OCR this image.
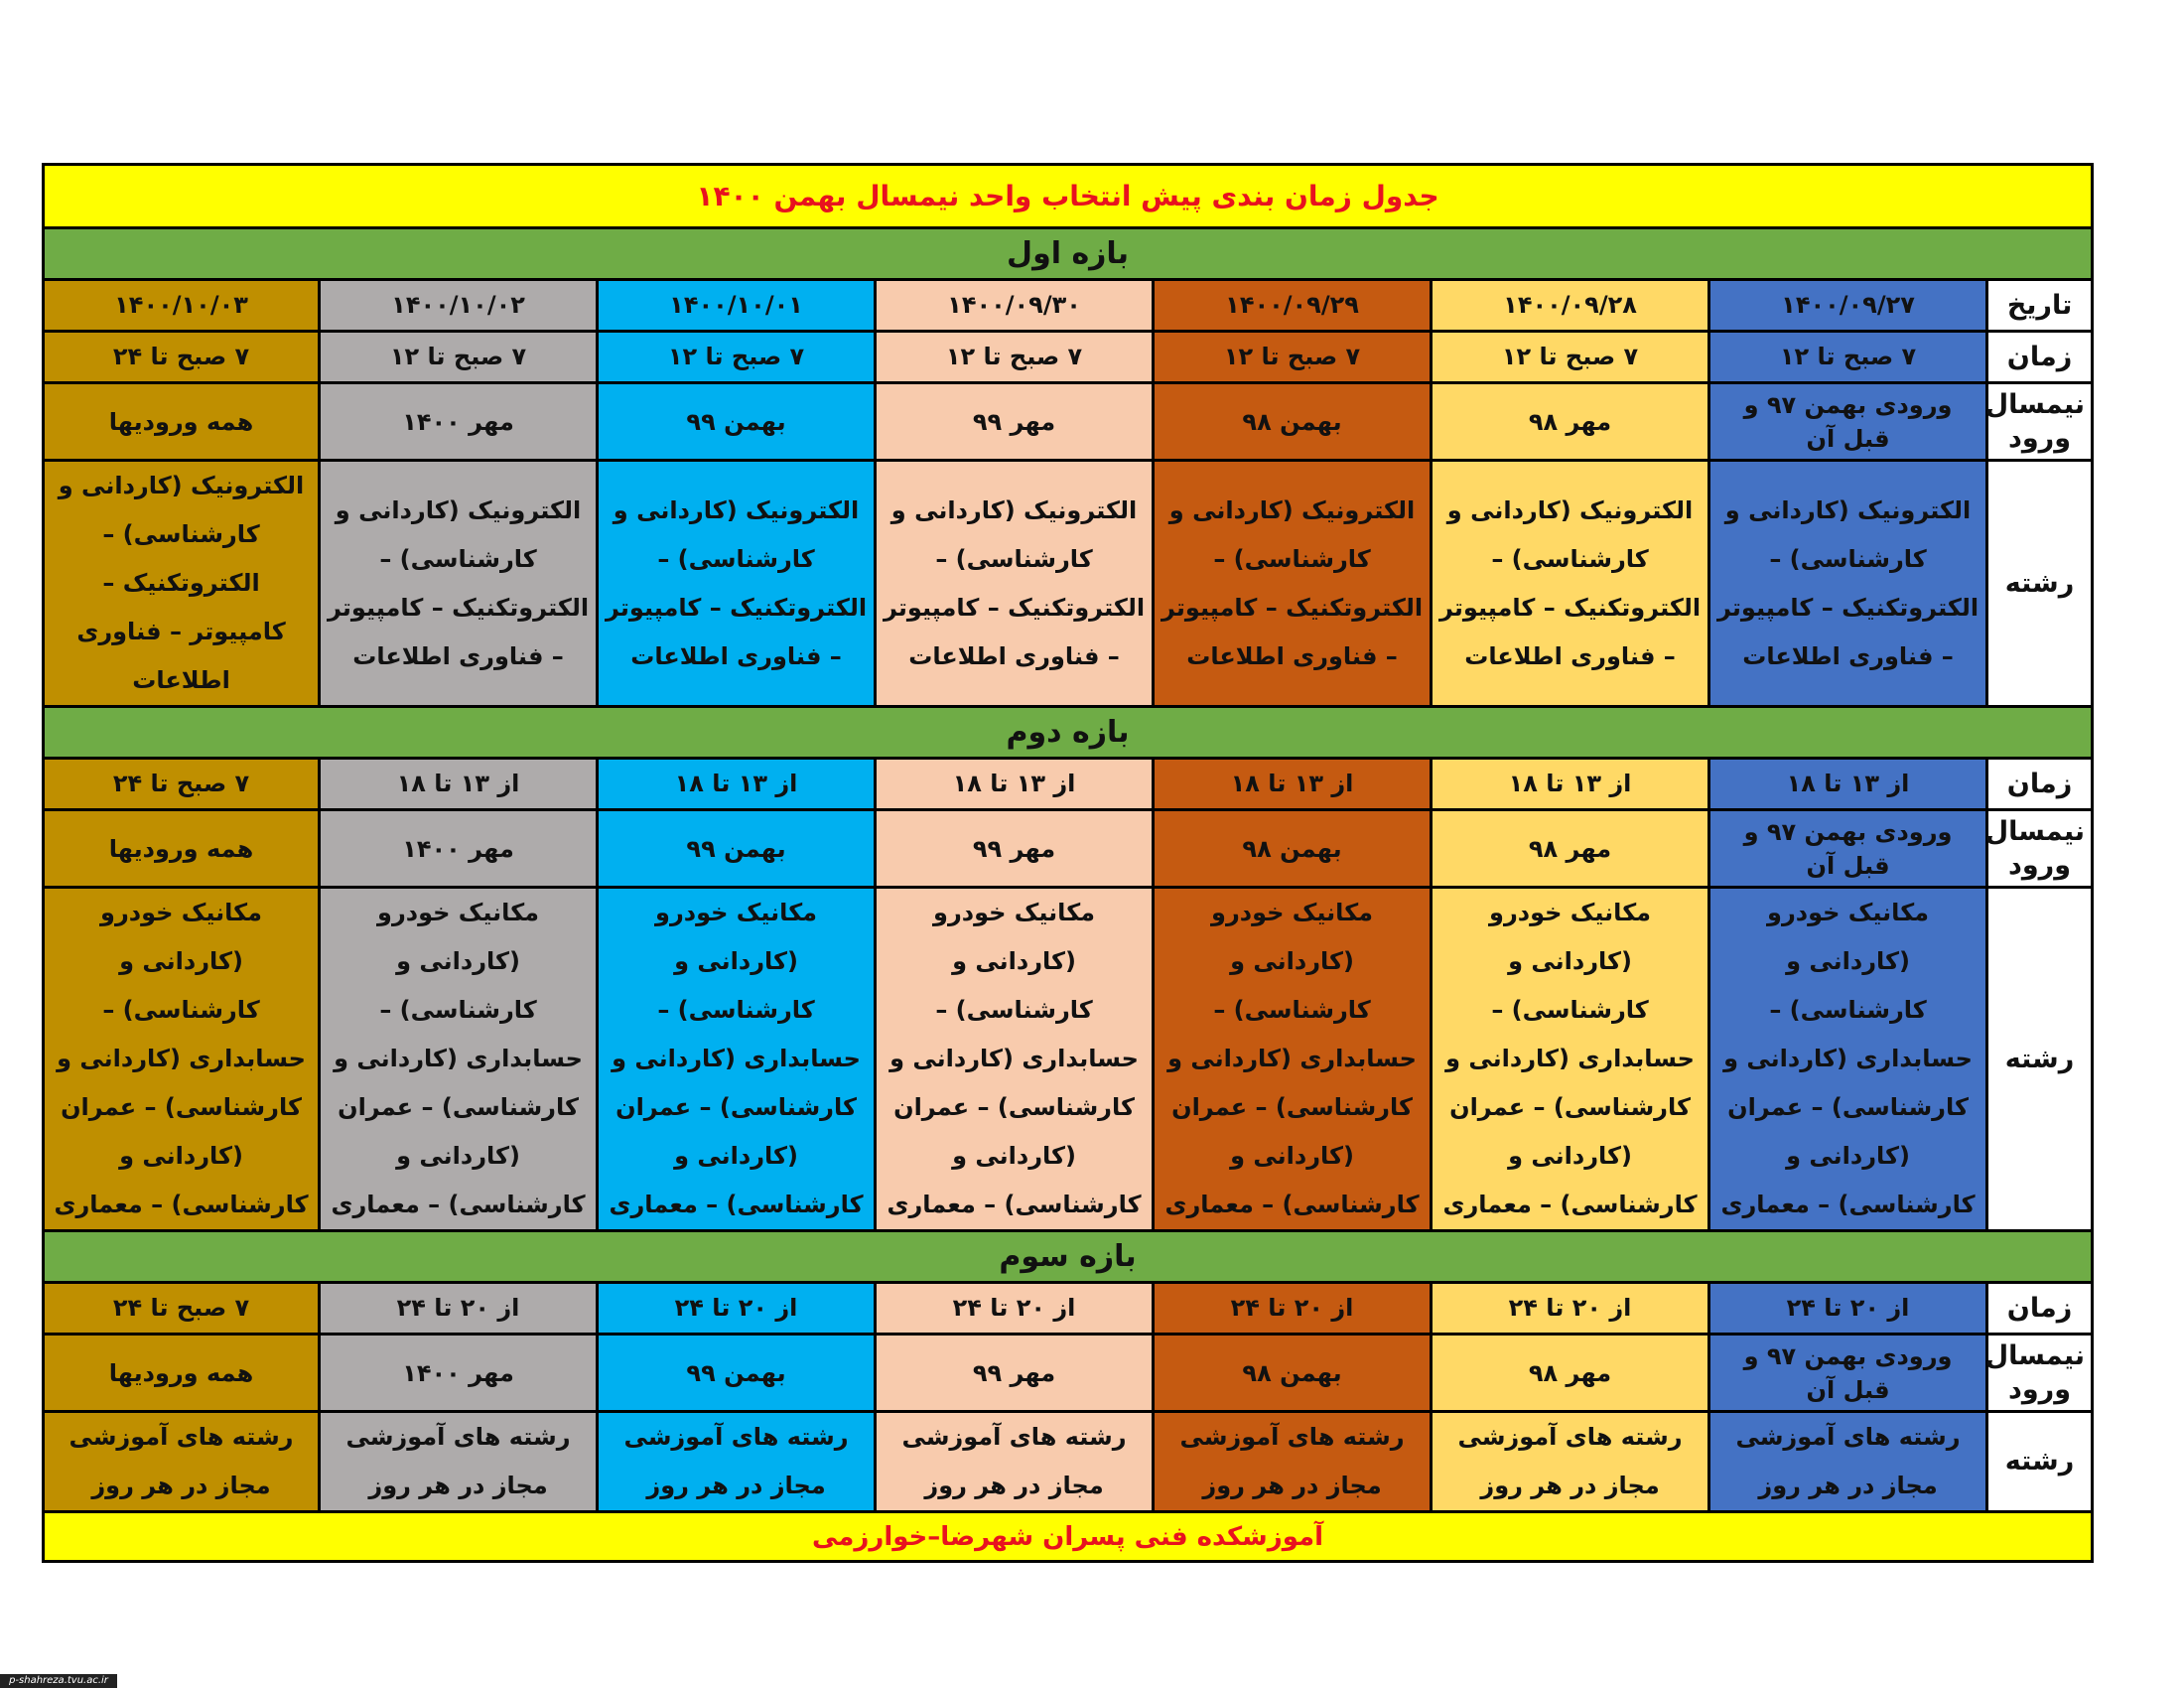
جدول زمان بندی پیش انتخاب واحد نیمسال بهمن ۱۴۰۰							
بازه اول							
تاریخ	۱۴۰۰/۰۹/۲۷	۱۴۰۰/۰۹/۲۸	۱۴۰۰/۰۹/۲۹	۱۴۰۰/۰۹/۳۰	۱۴۰۰/۱۰/۰۱	۱۴۰۰/۱۰/۰۲	۱۴۰۰/۱۰/۰۳
زمان	۷ صبح تا ۱۲	۷ صبح تا ۱۲	۷ صبح تا ۱۲	۷ صبح تا ۱۲	۷ صبح تا ۱۲	۷ صبح تا ۱۲	۷ صبح تا ۲۴
نیمسال ورود	ورودی بهمن ۹۷ و قبل آن	مهر ۹۸	بهمن ۹۸	مهر ۹۹	بهمن ۹۹	مهر ۱۴۰۰	همه ورودیها
رشته	الکترونیک (کاردانی و کارشناسی) – الکتروتکنیک – کامپیوتر – فناوری اطلاعات	الکترونیک (کاردانی و کارشناسی) – الکتروتکنیک – کامپیوتر – فناوری اطلاعات	الکترونیک (کاردانی و کارشناسی) – الکتروتکنیک – کامپیوتر – فناوری اطلاعات	الکترونیک (کاردانی و کارشناسی) – الکتروتکنیک – کامپیوتر – فناوری اطلاعات	الکترونیک (کاردانی و کارشناسی) – الکتروتکنیک – کامپیوتر – فناوری اطلاعات	الکترونیک (کاردانی و کارشناسی) – الکتروتکنیک – کامپیوتر – فناوری اطلاعات	الکترونیک (کاردانی و کارشناسی) – الکتروتکنیک – کامپیوتر – فناوری اطلاعات
بازه دوم							
زمان	از ۱۳ تا ۱۸	از ۱۳ تا ۱۸	از ۱۳ تا ۱۸	از ۱۳ تا ۱۸	از ۱۳ تا ۱۸	از ۱۳ تا ۱۸	۷ صبح تا ۲۴
نیمسال ورود	ورودی بهمن ۹۷ و قبل آن	مهر ۹۸	بهمن ۹۸	مهر ۹۹	بهمن ۹۹	مهر ۱۴۰۰	همه ورودیها
رشته	مکانیک خودرو (کاردانی و کارشناسی) – حسابداری (کاردانی و کارشناسی) – عمران (کاردانی و کارشناسی) – معماری	مکانیک خودرو (کاردانی و کارشناسی) – حسابداری (کاردانی و کارشناسی) – عمران (کاردانی و کارشناسی) – معماری	مکانیک خودرو (کاردانی و کارشناسی) – حسابداری (کاردانی و کارشناسی) – عمران (کاردانی و کارشناسی) – معماری	مکانیک خودرو (کاردانی و کارشناسی) – حسابداری (کاردانی و کارشناسی) – عمران (کاردانی و کارشناسی) – معماری	مکانیک خودرو (کاردانی و کارشناسی) – حسابداری (کاردانی و کارشناسی) – عمران (کاردانی و کارشناسی) – معماری	مکانیک خودرو (کاردانی و کارشناسی) – حسابداری (کاردانی و کارشناسی) – عمران (کاردانی و کارشناسی) – معماری	مکانیک خودرو (کاردانی و کارشناسی) – حسابداری (کاردانی و کارشناسی) – عمران (کاردانی و کارشناسی) – معماری
بازه سوم							
زمان	از ۲۰ تا ۲۴	از ۲۰ تا ۲۴	از ۲۰ تا ۲۴	از ۲۰ تا ۲۴	از ۲۰ تا ۲۴	از ۲۰ تا ۲۴	۷ صبح تا ۲۴
نیمسال ورود	ورودی بهمن ۹۷ و قبل آن	مهر ۹۸	بهمن ۹۸	مهر ۹۹	بهمن ۹۹	مهر ۱۴۰۰	همه ورودیها
رشته	رشته های آموزشی مجاز در هر روز	رشته های آموزشی مجاز در هر روز	رشته های آموزشی مجاز در هر روز	رشته های آموزشی مجاز در هر روز	رشته های آموزشی مجاز در هر روز	رشته های آموزشی مجاز در هر روز	رشته های آموزشی مجاز در هر روز
آموزشکده فنی پسران شهرضا–خوارزمی							
p-shahreza.tvu.ac.ir
